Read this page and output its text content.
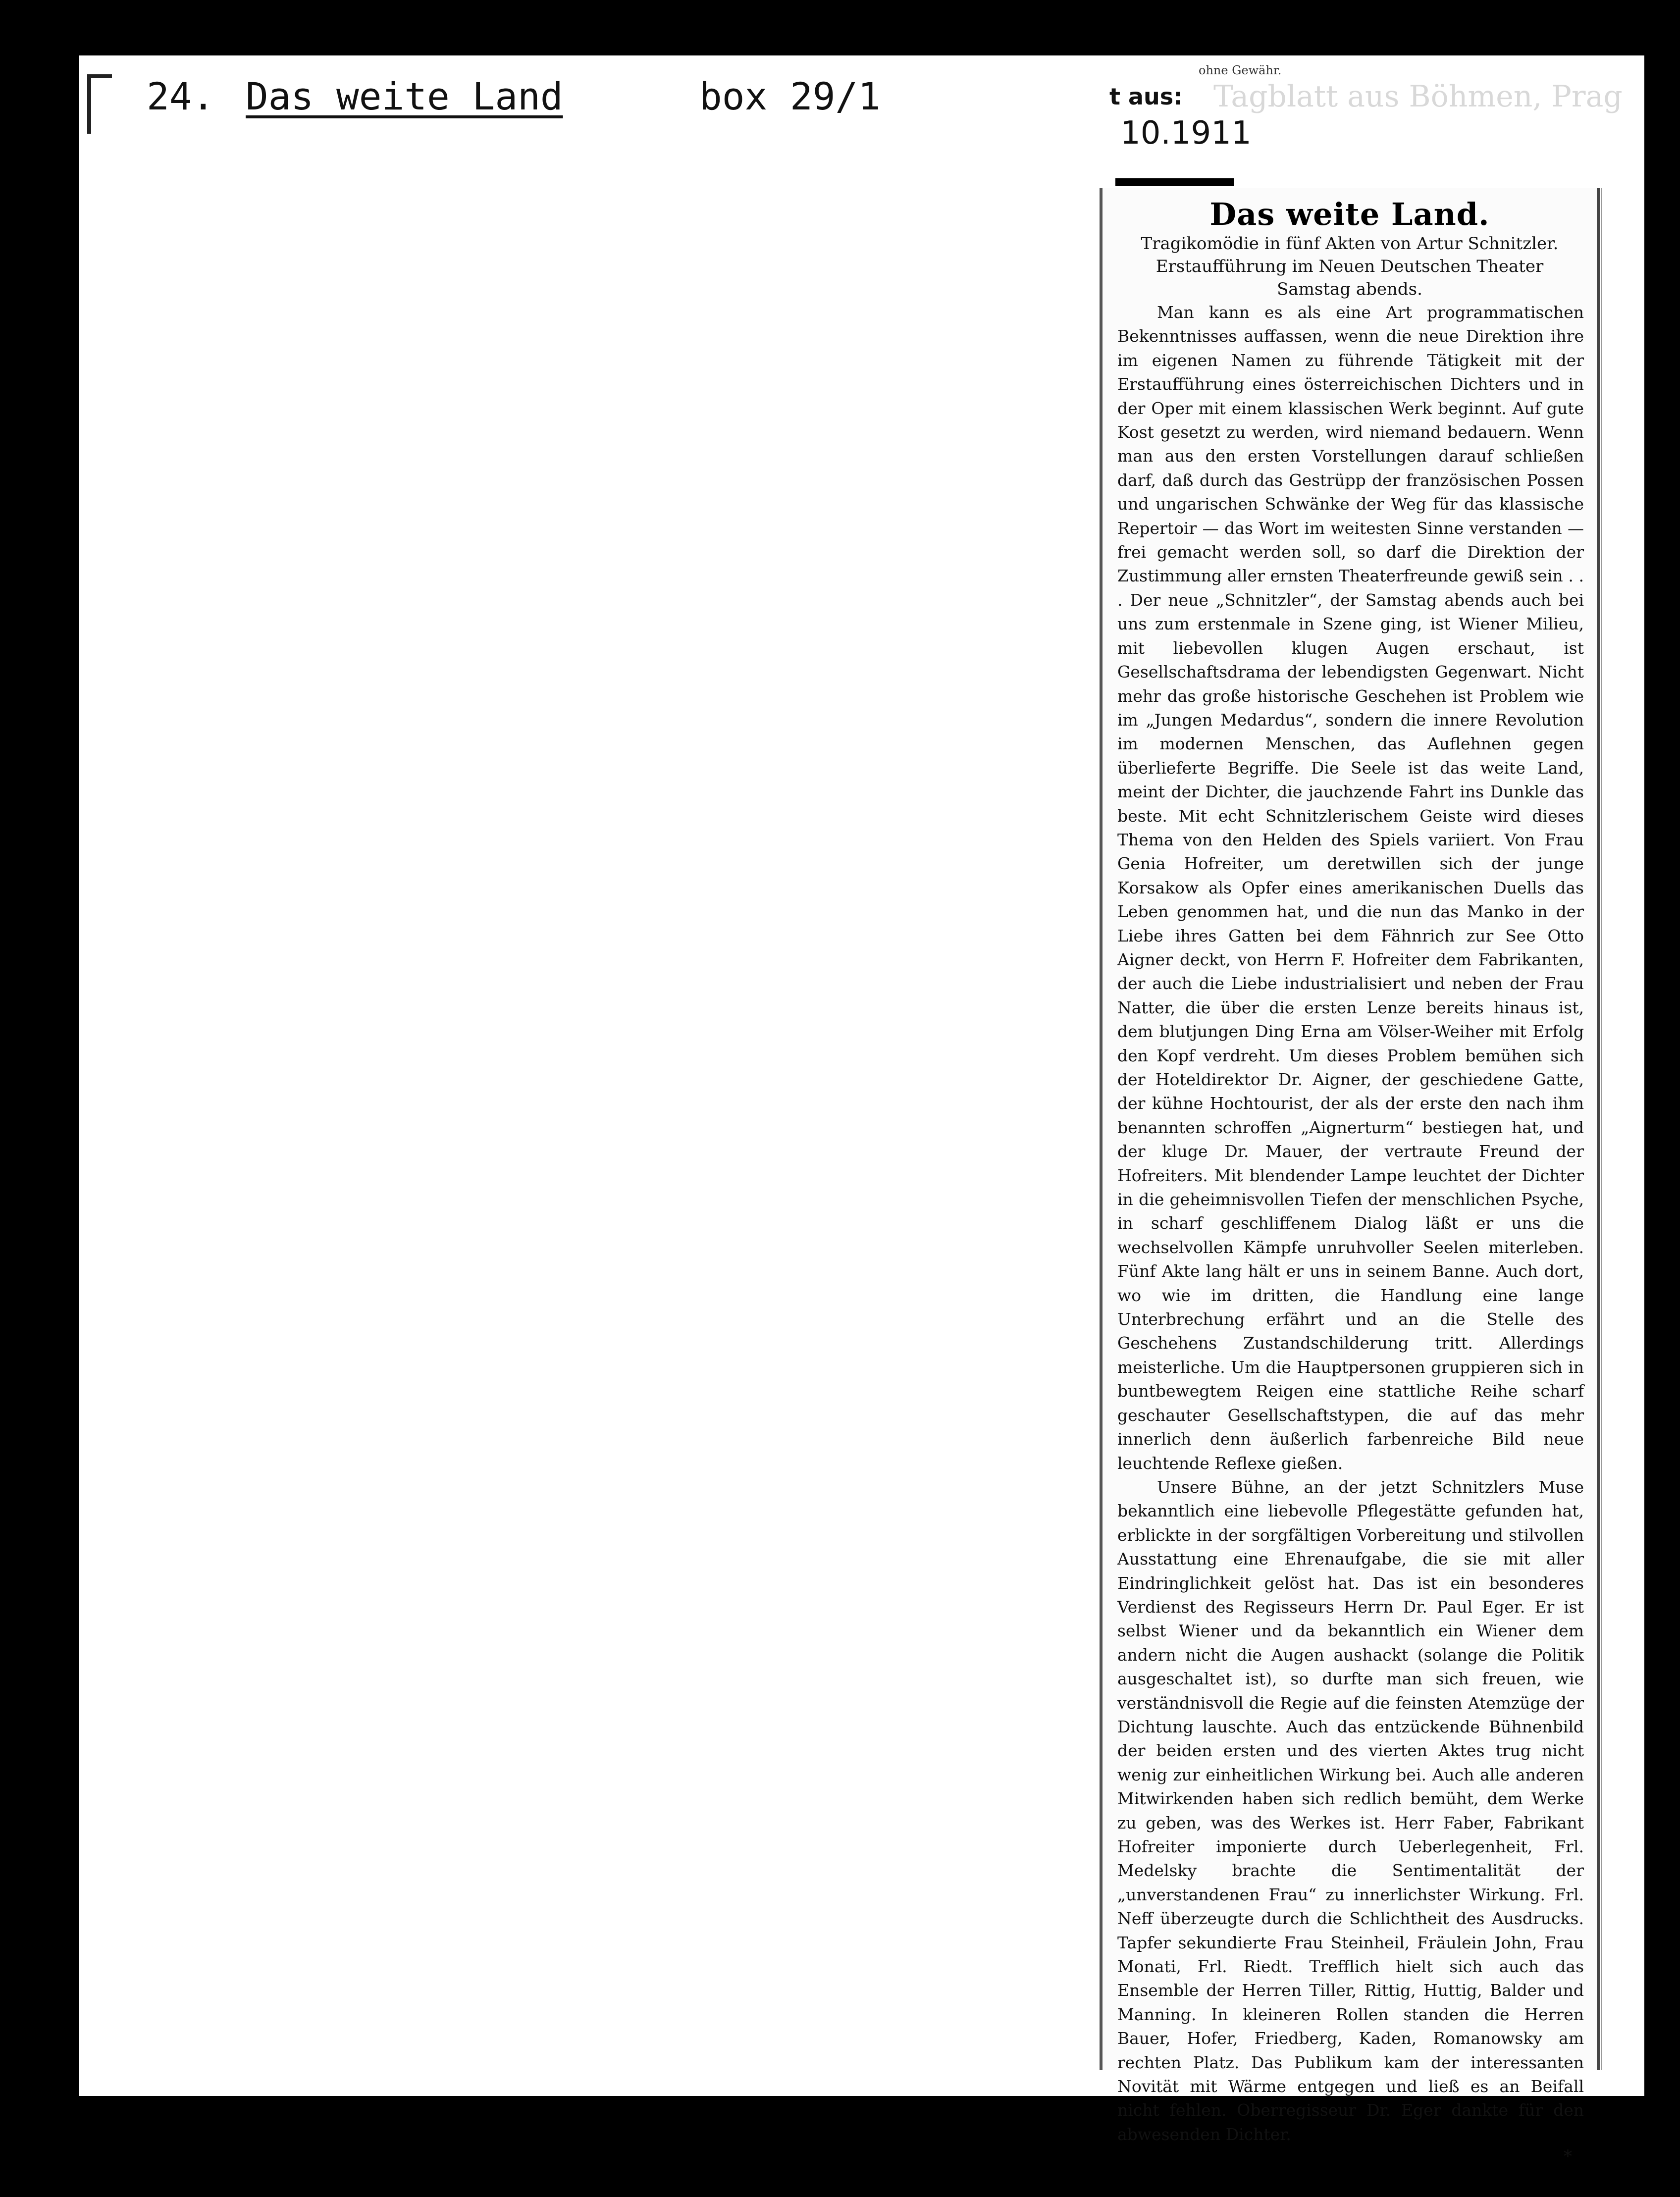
24. Das weite Land	box 29/1
ohne Gewähr.
t aus: Tagblatt aus Böhmen, Prag
10.1911
Das weite Land.
Tragikomödie in fünf Akten von Artur Schnitzler.
Erstaufführung im Neuen Deutschen Theater
Samstag abends.

Man kann es als eine Art programmatischen Bekenntnisses auffassen, wenn die neue Direktion ihre im eigenen Namen zu führende Tätigkeit mit der Erstaufführung eines österreichischen Dichters und in der Oper mit einem klassischen Werk beginnt. Auf gute Kost gesetzt zu werden, wird niemand bedauern. Wenn man aus den ersten Vorstellungen darauf schließen darf, daß durch das Gestrüpp der französischen Possen und ungarischen Schwänke der Weg für das klassische Repertoir — das Wort im weitesten Sinne verstanden — frei gemacht werden soll, so darf die Direktion der Zustimmung aller ernsten Theaterfreunde gewiß sein . . . Der neue „Schnitzler“, der Samstag abends auch bei uns zum erstenmale in Szene ging, ist Wiener Milieu, mit liebevollen klugen Augen erschaut, ist Gesellschaftsdrama der lebendigsten Gegenwart. Nicht mehr das große historische Geschehen ist Problem wie im „Jungen Medardus“, sondern die innere Revolution im modernen Menschen, das Auflehnen gegen überlieferte Begriffe. Die Seele ist das weite Land, meint der Dichter, die jauchzende Fahrt ins Dunkle das beste. Mit echt Schnitzlerischem Geiste wird dieses Thema von den Helden des Spiels variiert. Von Frau Genia Hofreiter, um deretwillen sich der junge Korsakow als Opfer eines amerikanischen Duells das Leben genommen hat, und die nun das Manko in der Liebe ihres Gatten bei dem Fähnrich zur See Otto Aigner deckt, von Herrn F. Hofreiter dem Fabrikanten, der auch die Liebe industrialisiert und neben der Frau Natter, die über die ersten Lenze bereits hinaus ist, dem blutjungen Ding Erna am Völser-Weiher mit Erfolg den Kopf verdreht. Um dieses Problem bemühen sich der Hoteldirektor Dr. Aigner, der geschiedene Gatte, der kühne Hochtourist, der als der erste den nach ihm benannten schroffen „Aignerturm“ bestiegen hat, und der kluge Dr. Mauer, der vertraute Freund der Hofreiters. Mit blendender Lampe leuchtet der Dichter in die geheimnisvollen Tiefen der menschlichen Psyche, in scharf geschliffenem Dialog läßt er uns die wechselvollen Kämpfe unruhvoller Seelen miterleben. Fünf Akte lang hält er uns in seinem Banne. Auch dort, wo wie im dritten, die Handlung eine lange Unterbrechung erfährt und an die Stelle des Geschehens Zustandschilderung tritt. Allerdings meisterliche. Um die Hauptpersonen gruppieren sich in buntbewegtem Reigen eine stattliche Reihe scharf geschauter Gesellschaftstypen, die auf das mehr innerlich denn äußerlich farbenreiche Bild neue leuchtende Reflexe gießen.

Unsere Bühne, an der jetzt Schnitzlers Muse bekanntlich eine liebevolle Pflegestätte gefunden hat, erblickte in der sorgfältigen Vorbereitung und stilvollen Ausstattung eine Ehrenaufgabe, die sie mit aller Eindringlichkeit gelöst hat. Das ist ein besonderes Verdienst des Regisseurs Herrn Dr. Paul Eger. Er ist selbst Wiener und da bekanntlich ein Wiener dem andern nicht die Augen aushackt (solange die Politik ausgeschaltet ist), so durfte man sich freuen, wie verständnisvoll die Regie auf die feinsten Atemzüge der Dichtung lauschte. Auch das entzückende Bühnenbild der beiden ersten und des vierten Aktes trug nicht wenig zur einheitlichen Wirkung bei. Auch alle anderen Mitwirkenden haben sich redlich bemüht, dem Werke zu geben, was des Werkes ist. Herr Faber, Fabrikant Hofreiter imponierte durch Ueberlegenheit, Frl. Medelsky brachte die Sentimentalität der „unverstandenen Frau“ zu innerlichster Wirkung. Frl. Neff überzeugte durch die Schlichtheit des Ausdrucks. Tapfer sekundierte Frau Steinheil, Fräulein John, Frau Monati, Frl. Riedt. Trefflich hielt sich auch das Ensemble der Herren Tiller, Rittig, Huttig, Balder und Manning. In kleineren Rollen standen die Herren Bauer, Hofer, Friedberg, Kaden, Romanowsky am rechten Platz. Das Publikum kam der interessanten Novität mit Wärme entgegen und ließ es an Beifall nicht fehlen. Oberregisseur Dr. Eger dankte für den abwesenden Dichter.

*
Der Freischütz.
